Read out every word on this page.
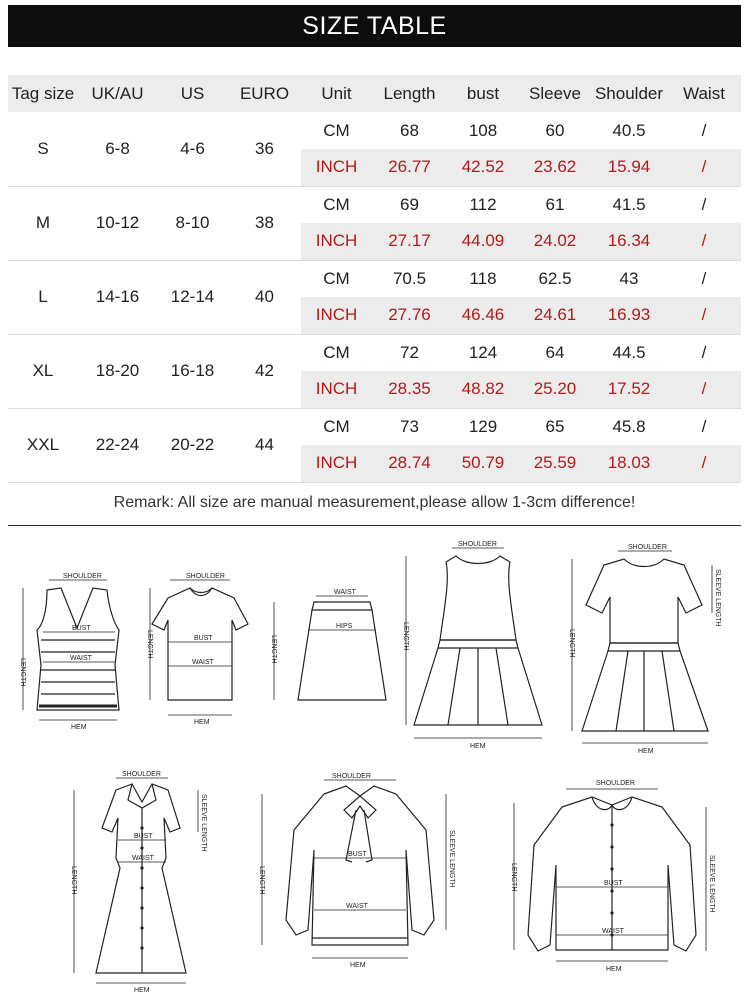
SIZE TABLE
Tag size	UK/AU	US	EURO	Unit	Length	bust	Sleeve	Shoulder	Waist
S	6-8	4-6	36	CM	68	108	60	40.5	/
				INCH	26.77	42.52	23.62	15.94	/
M	10-12	8-10	38	CM	69	112	61	41.5	/
				INCH	27.17	44.09	24.02	16.34	/
L	14-16	12-14	40	CM	70.5	118	62.5	43	/
				INCH	27.76	46.46	24.61	16.93	/
XL	18-20	16-18	42	CM	72	124	64	44.5	/
				INCH	28.35	48.82	25.20	17.52	/
XXL	22-24	20-22	44	CM	73	129	65	45.8	/
				INCH	28.74	50.79	25.59	18.03	/
Remark: All size are manual measurement,please allow 1-3cm difference!
SHOULDER
BUST
WAIST
HEM
LENGTH
SHOULDER
BUST
WAIST
HEM
LENGTH
WAIST
HIPS
LENGTH
SHOULDER
HEM
LENGTH
SHOULDER
HEM
LENGTH
SLEEVE LENGTH
SHOULDER
BUST
WAIST
HEM
LENGTH
SLEEVE LENGTH
SHOULDER
BUST
WAIST
HEM
LENGTH	SLEEVE LENGTH
SHOULDER
BUST
WAIST
HEM
LENGTH	SLEEVE LENGTH
